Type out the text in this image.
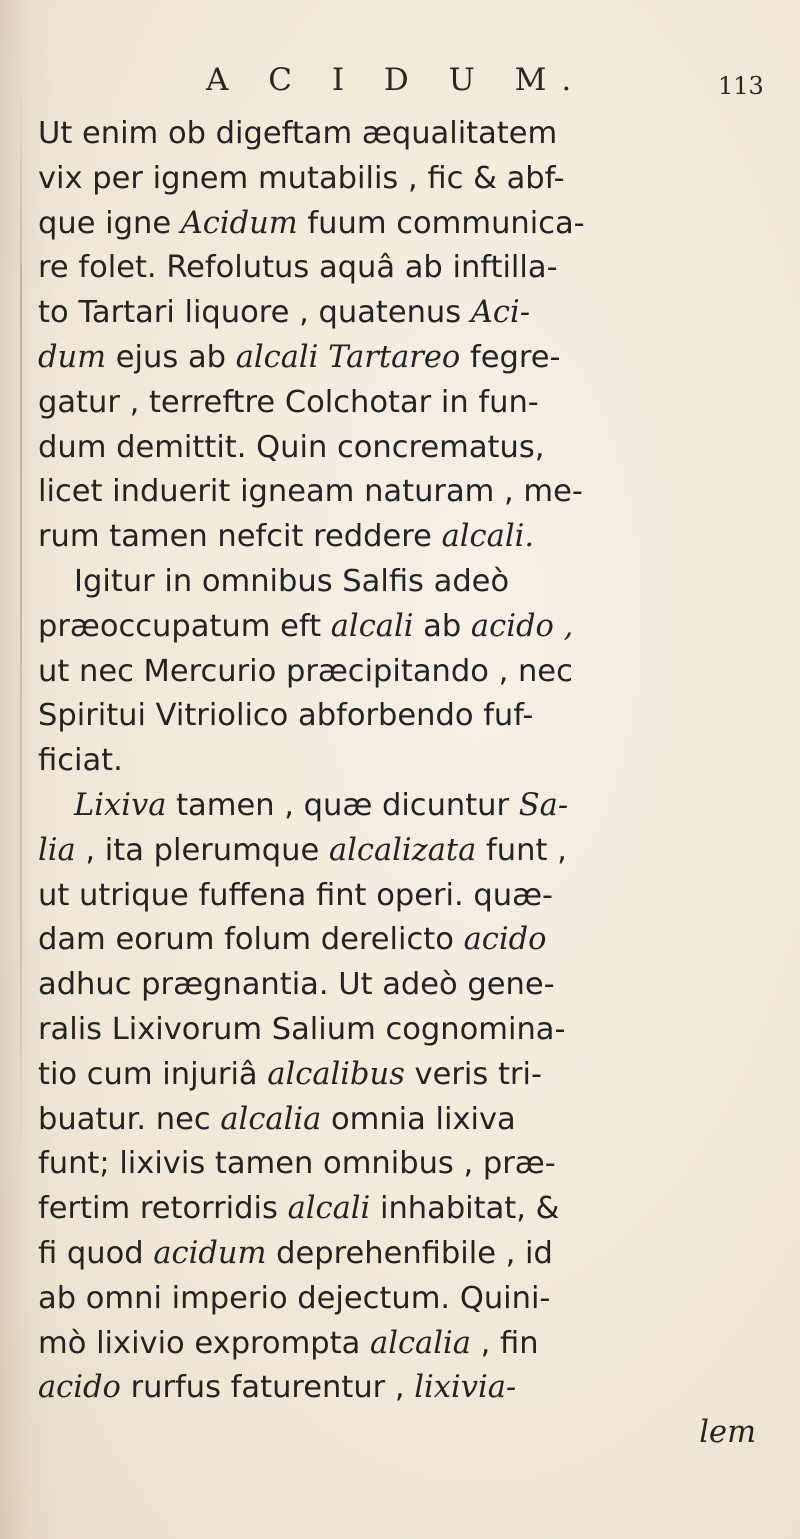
A C I D U M.	113
Ut enim ob digeftam æqualitatem
vix per ignem mutabilis , fic & abf-
que igne Acidum fuum communica-
re folet. Refolutus aquâ ab inftilla-
to Tartari liquore , quatenus Aci-
dum ejus ab alcali Tartareo fegre-
gatur , terreftre Colchotar in fun-
dum demittit. Quin concrematus,
licet induerit igneam naturam , me-
rum tamen nefcit reddere alcali.
Igitur in omnibus Salfis adeò
præoccupatum eft alcali ab acido ,
ut nec Mercurio præcipitando , nec
Spiritui Vitriolico abforbendo fuf-
ficiat.
Lixiva tamen , quæ dicuntur Sa-
lia , ita plerumque alcalizata funt ,
ut utrique fuffena fint operi. quæ-
dam eorum folum derelicto acido
adhuc prægnantia. Ut adeò gene-
ralis Lixivorum Salium cognomina-
tio cum injuriâ alcalibus veris tri-
buatur. nec alcalia omnia lixiva
funt; lixivis tamen omnibus , præ-
fertim retorridis alcali inhabitat, &
fi quod acidum deprehenfibile , id
ab omni imperio dejectum. Quini-
mò lixivio exprompta alcalia , fin
acido rurfus faturentur , lixivia-
lem
